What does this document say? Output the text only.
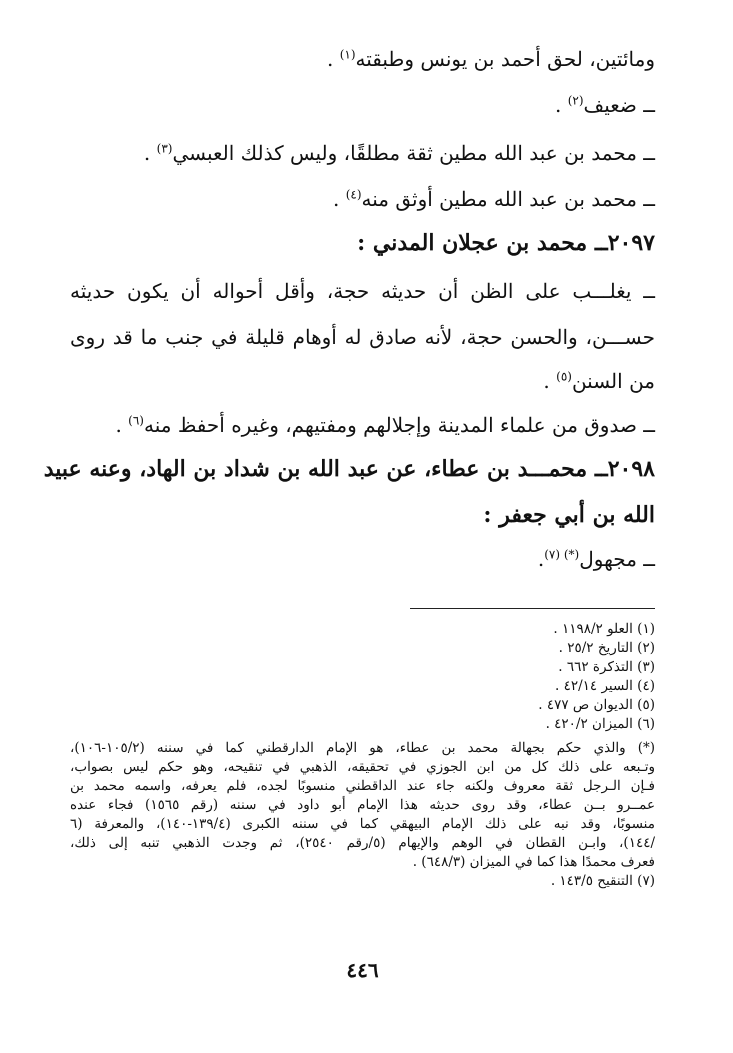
ومائتين، لحق أحمد بن يونس وطبقته$^{(١)}$ .
ــ ضعيف$^{(٢)}$ .
ــ محمد بن عبد الله مطين ثقة مطلقًا، وليس كذلك العبسي$^{(٣)}$ .
ــ محمد بن عبد الله مطين أوثق منه$^{(٤)}$ .
٢٠٩٧ــ محمد بن عجلان المدني :
ــ يغلـــب على الظن أن حديثه حجة، وأقل أحواله أن يكون حديثه
حســـن، والحسن حجة، لأنه صادق له أوهام قليلة في جنب ما قد روى
من السنن$^{(٥)}$ .
ــ صدوق من علماء المدينة وإجلالهم ومفتيهم، وغيره أحفظ منه$^{(٦)}$ .
٢٠٩٨ــ محمـــد بن عطاء، عن عبد الله بن شداد بن الهاد، وعنه عبيد
الله بن أبي جعفر :
ــ مجهول$^{(*) (٧)}$.
(١) العلو ١١٩٨/٢ .
(٢) التاريخ ٢٥/٢ .
(٣) التذكرة ٦٦٢ .
(٤) السير ٤٢/١٤ .
(٥) الديوان ص ٤٧٧ .
(٦) الميزان ٤٢٠/٢ .
(*) والذي حكم بجهالة محمد بن عطاء، هو الإمام الدارقطني كما في سننه (١٠٥/٢-١٠٦)،
وتـبعه على ذلك كل من ابن الجوزي في تحقيقه، الذهبي في تنقيحه، وهو حكم ليس بصواب،
فـإن الـرجل ثقة معروف ولكنه جاء عند الداقطني منسوبًا لجده، فلم يعرفه، واسمه محمد بن
عمــرو بــن عطاء، وقد روى حديثه هذا الإمام أبو داود في سننه (رقم ١٥٦٥) فجاء عنده
منسوبًا، وقد نبه على ذلك الإمام البيهقي كما في سننه الكبرى (١٣٩/٤-١٤٠)، والمعرفة (٦
/١٤٤)، وابـن القطان في الوهم والإيهام (٥/رقم ٢٥٤٠)، ثم وجدت الذهبي تنبه إلى ذلك،
فعرف محمدًا هذا كما في الميزان (٦٤٨/٣) .
(٧) التنقيح ١٤٣/٥ .
٤٤٦
